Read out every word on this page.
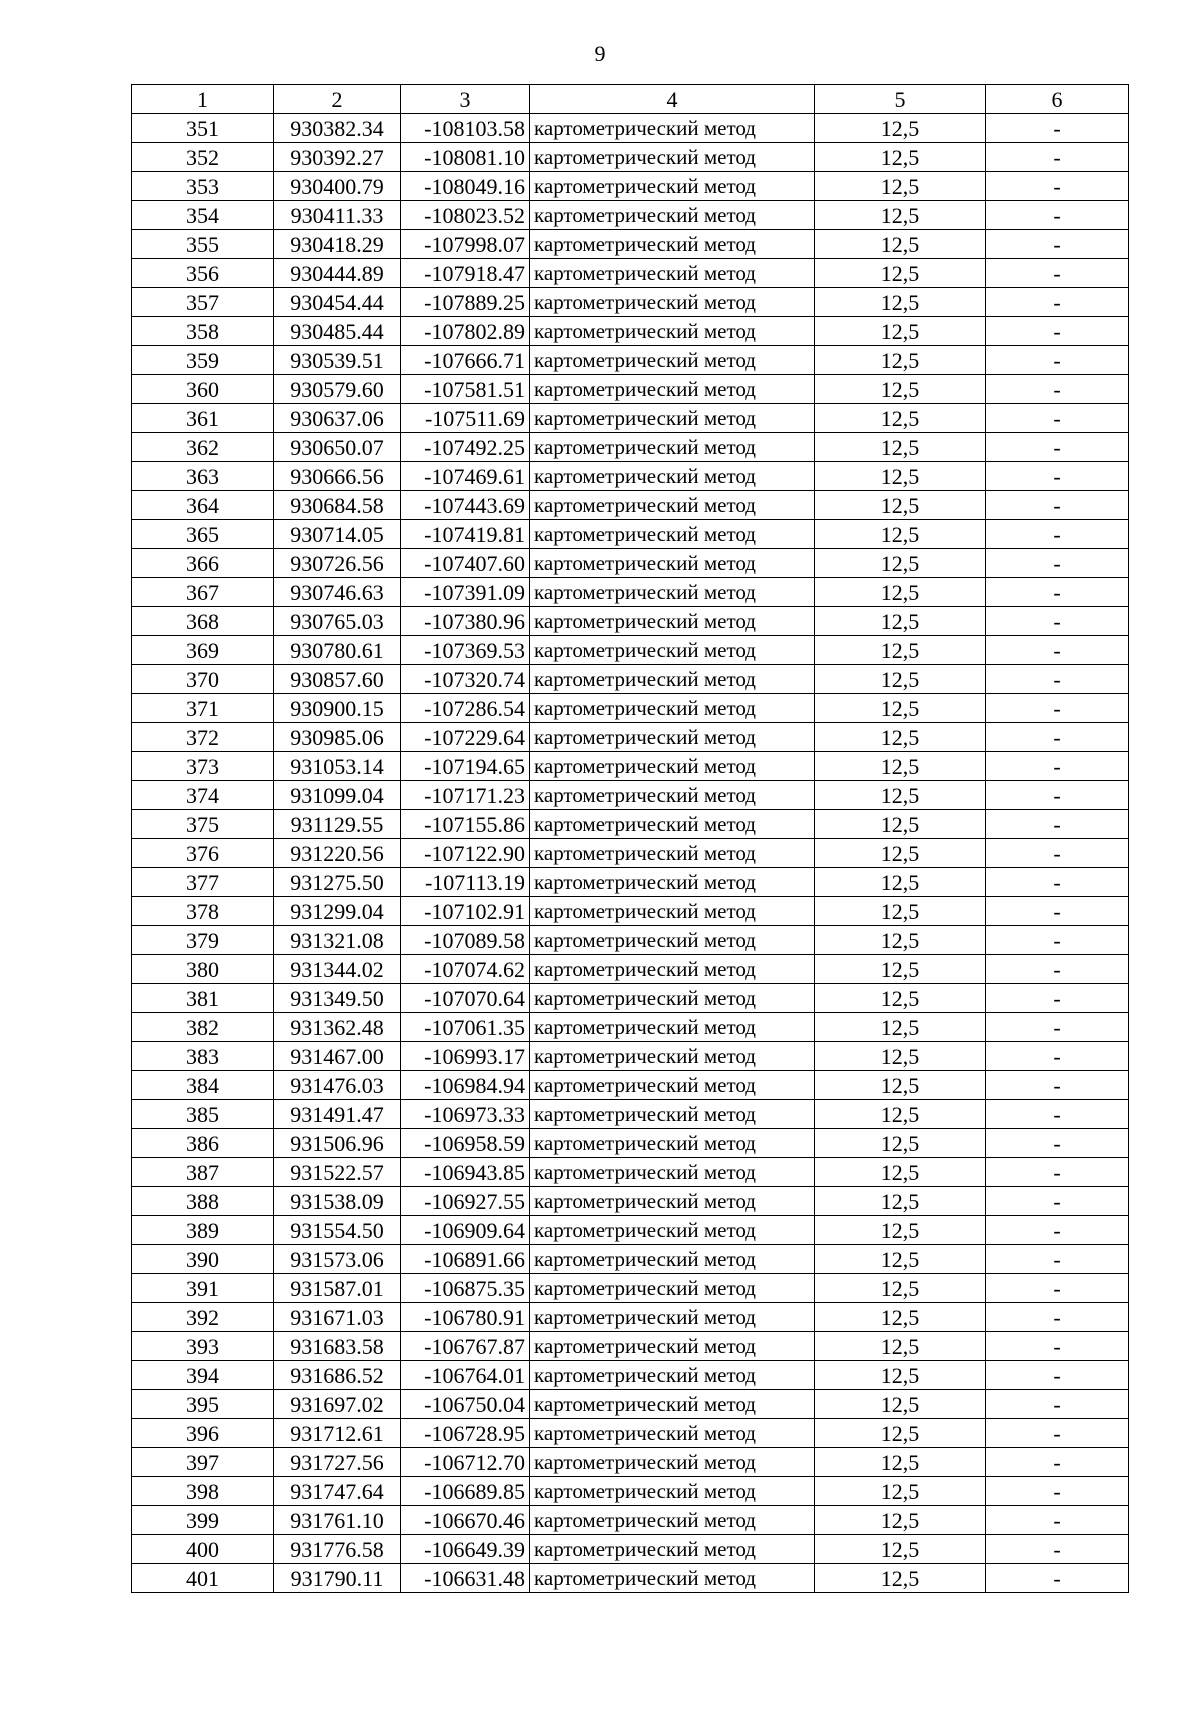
9
1	2	3	4	5	6
351	930382.34	-108103.58	картометрический метод	12,5	-
352	930392.27	-108081.10	картометрический метод	12,5	-
353	930400.79	-108049.16	картометрический метод	12,5	-
354	930411.33	-108023.52	картометрический метод	12,5	-
355	930418.29	-107998.07	картометрический метод	12,5	-
356	930444.89	-107918.47	картометрический метод	12,5	-
357	930454.44	-107889.25	картометрический метод	12,5	-
358	930485.44	-107802.89	картометрический метод	12,5	-
359	930539.51	-107666.71	картометрический метод	12,5	-
360	930579.60	-107581.51	картометрический метод	12,5	-
361	930637.06	-107511.69	картометрический метод	12,5	-
362	930650.07	-107492.25	картометрический метод	12,5	-
363	930666.56	-107469.61	картометрический метод	12,5	-
364	930684.58	-107443.69	картометрический метод	12,5	-
365	930714.05	-107419.81	картометрический метод	12,5	-
366	930726.56	-107407.60	картометрический метод	12,5	-
367	930746.63	-107391.09	картометрический метод	12,5	-
368	930765.03	-107380.96	картометрический метод	12,5	-
369	930780.61	-107369.53	картометрический метод	12,5	-
370	930857.60	-107320.74	картометрический метод	12,5	-
371	930900.15	-107286.54	картометрический метод	12,5	-
372	930985.06	-107229.64	картометрический метод	12,5	-
373	931053.14	-107194.65	картометрический метод	12,5	-
374	931099.04	-107171.23	картометрический метод	12,5	-
375	931129.55	-107155.86	картометрический метод	12,5	-
376	931220.56	-107122.90	картометрический метод	12,5	-
377	931275.50	-107113.19	картометрический метод	12,5	-
378	931299.04	-107102.91	картометрический метод	12,5	-
379	931321.08	-107089.58	картометрический метод	12,5	-
380	931344.02	-107074.62	картометрический метод	12,5	-
381	931349.50	-107070.64	картометрический метод	12,5	-
382	931362.48	-107061.35	картометрический метод	12,5	-
383	931467.00	-106993.17	картометрический метод	12,5	-
384	931476.03	-106984.94	картометрический метод	12,5	-
385	931491.47	-106973.33	картометрический метод	12,5	-
386	931506.96	-106958.59	картометрический метод	12,5	-
387	931522.57	-106943.85	картометрический метод	12,5	-
388	931538.09	-106927.55	картометрический метод	12,5	-
389	931554.50	-106909.64	картометрический метод	12,5	-
390	931573.06	-106891.66	картометрический метод	12,5	-
391	931587.01	-106875.35	картометрический метод	12,5	-
392	931671.03	-106780.91	картометрический метод	12,5	-
393	931683.58	-106767.87	картометрический метод	12,5	-
394	931686.52	-106764.01	картометрический метод	12,5	-
395	931697.02	-106750.04	картометрический метод	12,5	-
396	931712.61	-106728.95	картометрический метод	12,5	-
397	931727.56	-106712.70	картометрический метод	12,5	-
398	931747.64	-106689.85	картометрический метод	12,5	-
399	931761.10	-106670.46	картометрический метод	12,5	-
400	931776.58	-106649.39	картометрический метод	12,5	-
401	931790.11	-106631.48	картометрический метод	12,5	-
